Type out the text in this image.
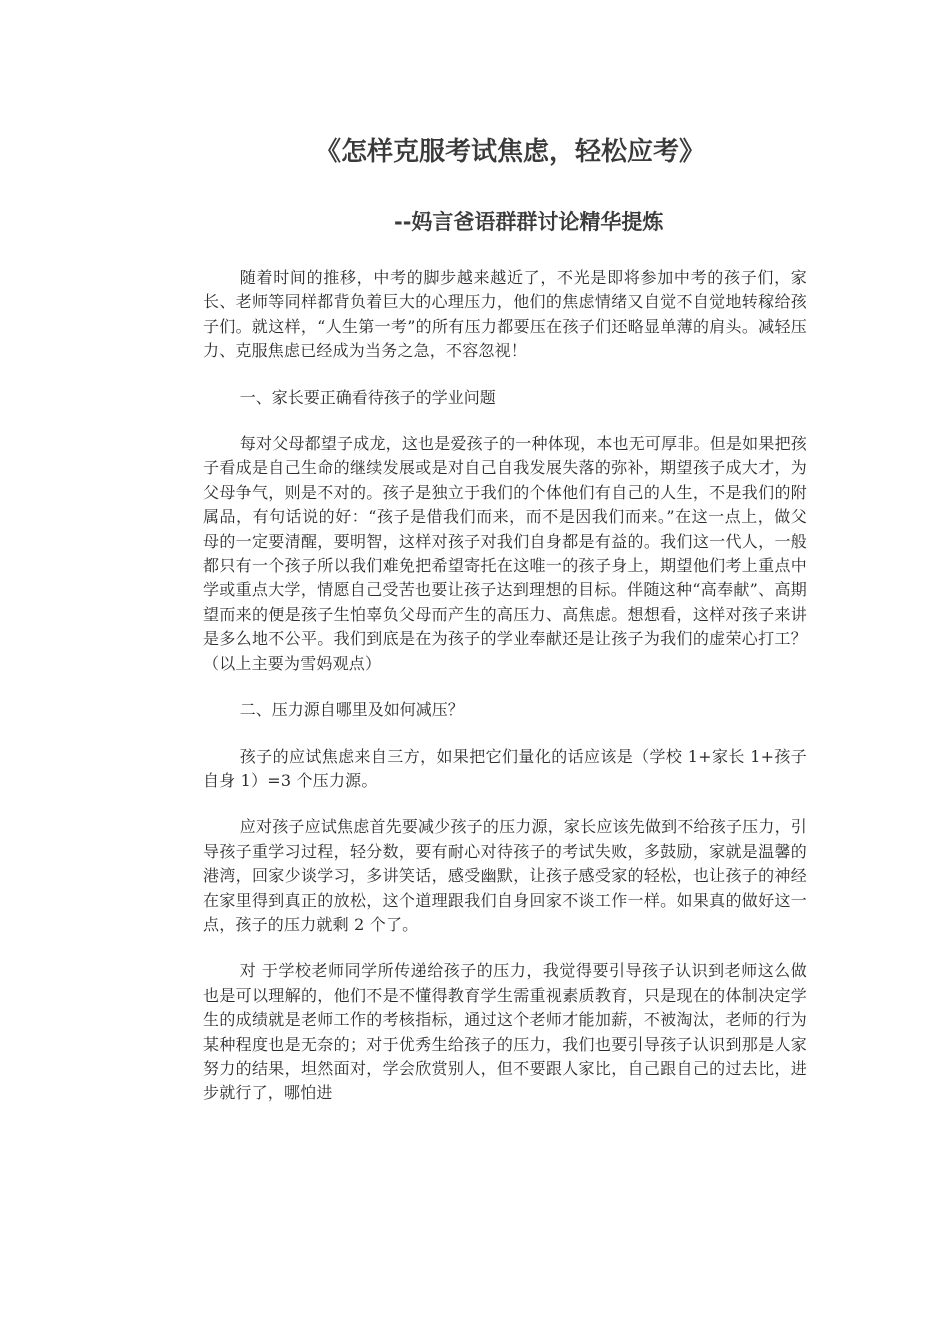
《怎样克服考试焦虑，轻松应考》
--妈言爸语群群讨论精华提炼

随着时间的推移，中考的脚步越来越近了，不光是即将参加中考的孩子们，家长、老师等同样都背负着巨大的心理压力，他们的焦虑情绪又自觉不自觉地转稼给孩子们。就这样，“人生第一考”的所有压力都要压在孩子们还略显单薄的肩头。减轻压力、克服焦虑已经成为当务之急，不容忽视！

一、家长要正确看待孩子的学业问题

每对父母都望子成龙，这也是爱孩子的一种体现，本也无可厚非。但是如果把孩子看成是自己生命的继续发展或是对自己自我发展失落的弥补，期望孩子成大才，为父母争气，则是不对的。孩子是独立于我们的个体他们有自己的人生，不是我们的附属品，有句话说的好：“孩子是借我们而来，而不是因我们而来。”在这一点上，做父母的一定要清醒，要明智，这样对孩子对我们自身都是有益的。我们这一代人，一般都只有一个孩子所以我们难免把希望寄托在这唯一的孩子身上，期望他们考上重点中学或重点大学，情愿自己受苦也要让孩子达到理想的目标。伴随这种“高奉献”、高期望而来的便是孩子生怕辜负父母而产生的高压力、高焦虑。想想看，这样对孩子来讲是多么地不公平。我们到底是在为孩子的学业奉献还是让孩子为我们的虚荣心打工？（以上主要为雪妈观点）

二、压力源自哪里及如何减压？

孩子的应试焦虑来自三方，如果把它们量化的话应该是（学校 1+家长 1+孩子自身 1）=3 个压力源。

应对孩子应试焦虑首先要减少孩子的压力源，家长应该先做到不给孩子压力，引导孩子重学习过程，轻分数，要有耐心对待孩子的考试失败，多鼓励，家就是温馨的港湾，回家少谈学习，多讲笑话，感受幽默，让孩子感受家的轻松，也让孩子的神经在家里得到真正的放松，这个道理跟我们自身回家不谈工作一样。如果真的做好这一点，孩子的压力就剩 2 个了。

对 于学校老师同学所传递给孩子的压力，我觉得要引导孩子认识到老师这么做也是可以理解的，他们不是不懂得教育学生需重视素质教育，只是现在的体制决定学生的成绩就是老师工作的考核指标，通过这个老师才能加薪，不被淘汰，老师的行为某种程度也是无奈的；对于优秀生给孩子的压力，我们也要引导孩子认识到那是人家努力的结果，坦然面对，学会欣赏别人，但不要跟人家比，自己跟自己的过去比，进步就行了，哪怕进
